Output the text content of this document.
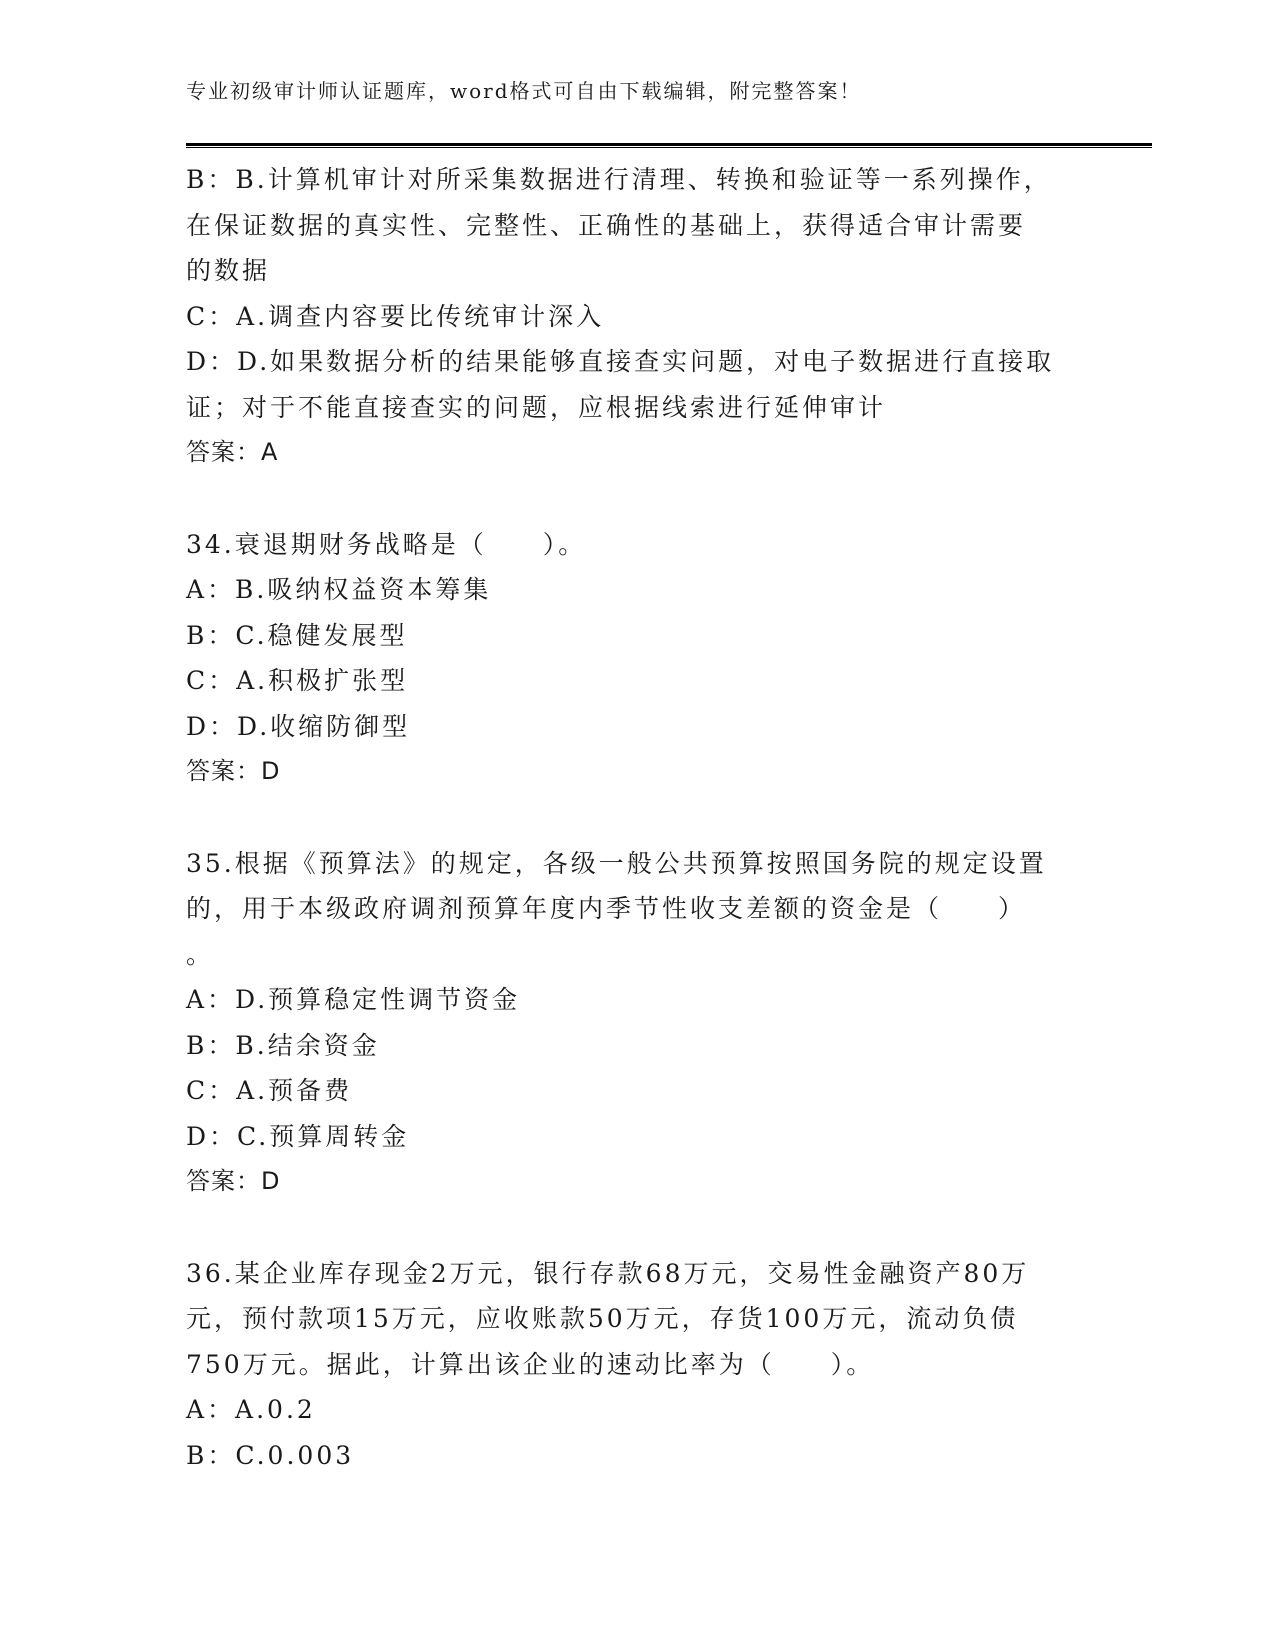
专业初级审计师认证题库，word格式可自由下载编辑，附完整答案！

B：B.计算机审计对所采集数据进行清理、转换和验证等一系列操作，

在保证数据的真实性、完整性、正确性的基础上，获得适合审计需要

的数据

C：A.调查内容要比传统审计深入

D：D.如果数据分析的结果能够直接查实问题，对电子数据进行直接取

证；对于不能直接查实的问题，应根据线索进行延伸审计

答案：A

34.衰退期财务战略是（　　）。

A：B.吸纳权益资本筹集

B：C.稳健发展型

C：A.积极扩张型

D：D.收缩防御型

答案：D

35.根据《预算法》的规定，各级一般公共预算按照国务院的规定设置

的，用于本级政府调剂预算年度内季节性收支差额的资金是（　　）

。

A：D.预算稳定性调节资金

B：B.结余资金

C：A.预备费

D：C.预算周转金

答案：D

36.某企业库存现金2万元，银行存款68万元，交易性金融资产80万

元，预付款项15万元，应收账款50万元，存货100万元，流动负债

750万元。据此，计算出该企业的速动比率为（　　）。

A：A.0.2

B：C.0.003
